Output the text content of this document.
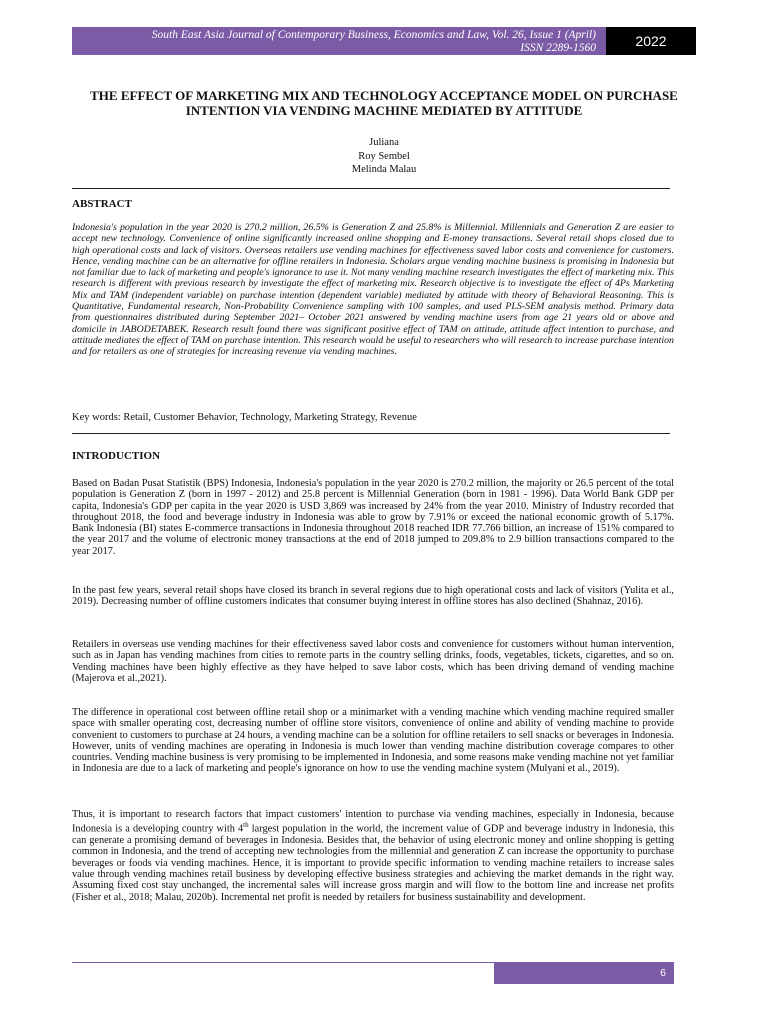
South East Asia Journal of Contemporary Business, Economics and Law, Vol. 26, Issue 1 (April)
ISSN 2289-1560	2022
THE EFFECT OF MARKETING MIX AND TECHNOLOGY ACCEPTANCE MODEL ON PURCHASE INTENTION VIA VENDING MACHINE MEDIATED BY ATTITUDE
Juliana
Roy Sembel
Melinda Malau
ABSTRACT
Indonesia's population in the year 2020 is 270.2 million, 26.5% is Generation Z and 25.8% is Millennial. Millennials and Generation Z are easier to accept new technology. Convenience of online significantly increased online shopping and E-money transactions. Several retail shops closed due to high operational costs and lack of visitors. Overseas retailers use vending machines for effectiveness saved labor costs and convenience for customers. Hence, vending machine can be an alternative for offline retailers in Indonesia. Scholars argue vending machine business is promising in Indonesia but not familiar due to lack of marketing and people's ignorance to use it. Not many vending machine research investigates the effect of marketing mix. This research is different with previous research by investigate the effect of marketing mix. Research objective is to investigate the effect of 4Ps Marketing Mix and TAM (independent variable) on purchase intention (dependent variable) mediated by attitude with theory of Behavioral Reasoning. This is Quantitative, Fundamental research, Non-Probability Convenience sampling with 100 samples, and used PLS-SEM analysis method. Primary data from questionnaires distributed during September 2021– October 2021 answered by vending machine users from age 21 years old or above and domicile in JABODETABEK. Research result found there was significant positive effect of TAM on attitude, attitude affect intention to purchase, and attitude mediates the effect of TAM on purchase intention. This research would be useful to researchers who will research to increase purchase intention and for retailers as one of strategies for increasing revenue via vending machines.
Key words: Retail, Customer Behavior, Technology, Marketing Strategy, Revenue
INTRODUCTION
Based on Badan Pusat Statistik (BPS) Indonesia, Indonesia's population in the year 2020 is 270.2 million, the majority or 26.5 percent of the total population is Generation Z (born in 1997 - 2012) and 25.8 percent is Millennial Generation (born in 1981 - 1996). Data World Bank GDP per capita, Indonesia's GDP per capita in the year 2020 is USD 3,869 was increased by 24% from the year 2010. Ministry of Industry recorded that throughout 2018, the food and beverage industry in Indonesia was able to grow by 7.91% or exceed the national economic growth of 5.17%. Bank Indonesia (BI) states E-commerce transactions in Indonesia throughout 2018 reached IDR 77.766 billion, an increase of 151% compared to the year 2017 and the volume of electronic money transactions at the end of 2018 jumped to 209.8% to 2.9 billion transactions compared to the year 2017.
In the past few years, several retail shops have closed its branch in several regions due to high operational costs and lack of visitors (Yulita et al., 2019). Decreasing number of offline customers indicates that consumer buying interest in offline stores has also declined (Shahnaz, 2016).
Retailers in overseas use vending machines for their effectiveness saved labor costs and convenience for customers without human intervention, such as in Japan has vending machines from cities to remote parts in the country selling drinks, foods, vegetables, tickets, cigarettes, and so on. Vending machines have been highly effective as they have helped to save labor costs, which has been driving demand of vending machine (Majerova et al.,2021).
The difference in operational cost between offline retail shop or a minimarket with a vending machine which vending machine required smaller space with smaller operating cost, decreasing number of offline store visitors, convenience of online and ability of vending machine to provide convenient to customers to purchase at 24 hours, a vending machine can be a solution for offline retailers to sell snacks or beverages in Indonesia. However, units of vending machines are operating in Indonesia is much lower than vending machine distribution coverage compares to other countries. Vending machine business is very promising to be implemented in Indonesia, and some reasons make vending machine not yet familiar in Indonesia are due to a lack of marketing and people's ignorance on how to use the vending machine system (Mulyani et al., 2019).
Thus, it is important to research factors that impact customers' intention to purchase via vending machines, especially in Indonesia, because Indonesia is a developing country with 4th largest population in the world, the increment value of GDP and beverage industry in Indonesia, this can generate a promising demand of beverages in Indonesia. Besides that, the behavior of using electronic money and online shopping is getting common in Indonesia, and the trend of accepting new technologies from the millennial and generation Z can increase the opportunity to purchase beverages or foods via vending machines. Hence, it is important to provide specific information to vending machine retailers to increase sales value through vending machines retail business by developing effective business strategies and achieving the market demands in the right way. Assuming fixed cost stay unchanged, the incremental sales will increase gross margin and will flow to the bottom line and increase net profits (Fisher et al., 2018; Malau, 2020b). Incremental net profit is needed by retailers for business sustainability and development.
6
